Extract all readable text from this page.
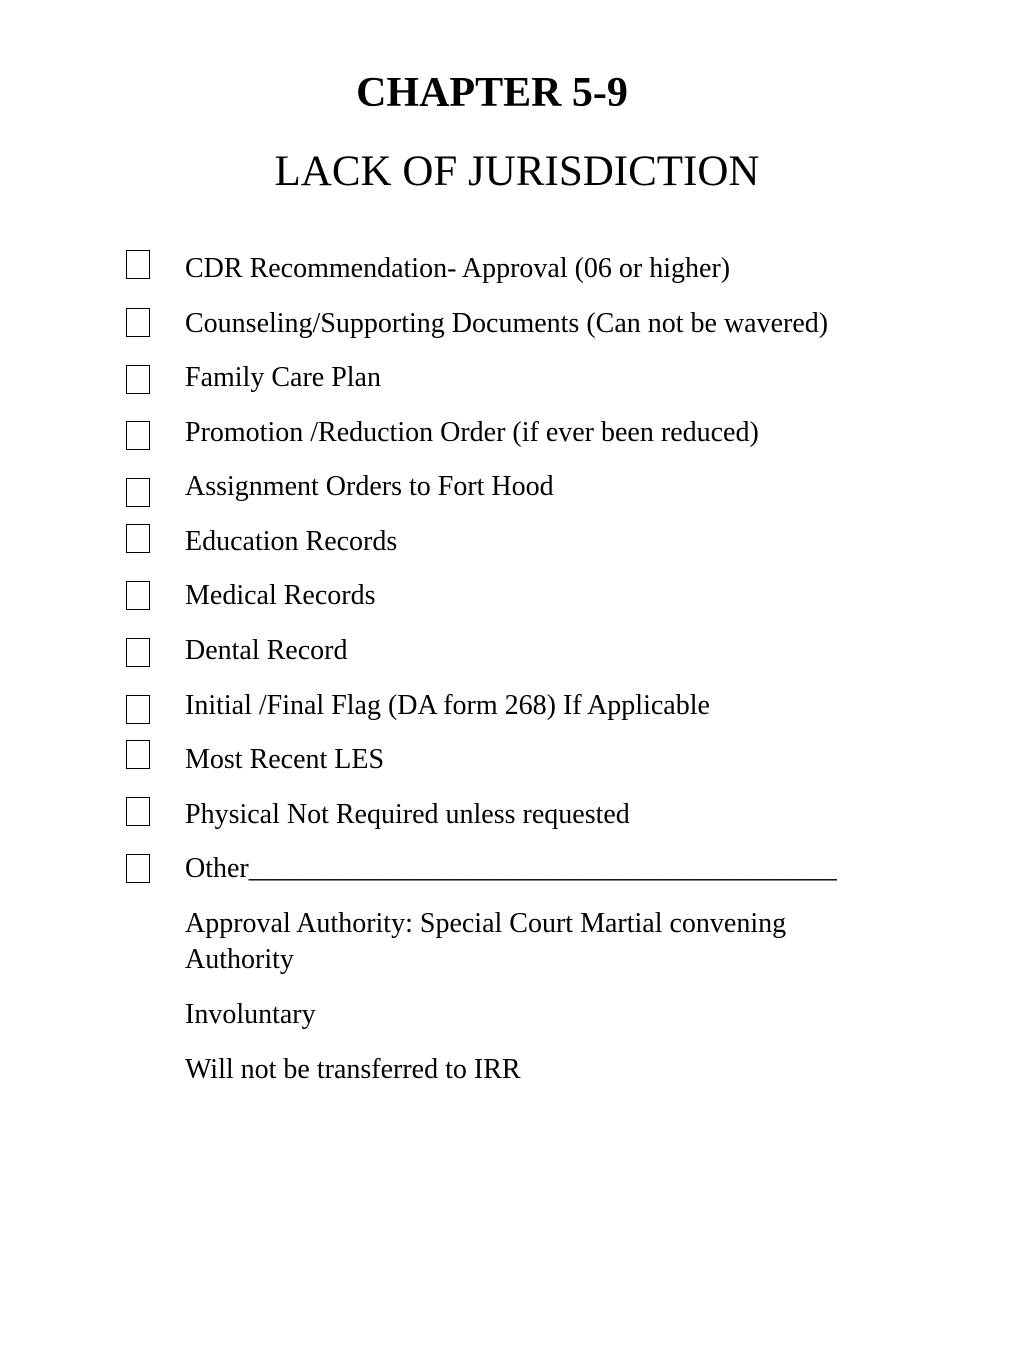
CHAPTER 5-9
LACK OF JURISDICTION
CDR Recommendation- Approval (06 or higher)
Counseling/Supporting Documents (Can not be wavered)
Family Care Plan
Promotion /Reduction Order (if ever been reduced)
Assignment Orders to Fort Hood
Education Records
Medical Records
Dental Record
Initial /Final Flag (DA form 268) If Applicable
Most Recent LES
Physical Not Required unless requested
Other__________________________________________
Approval Authority: Special Court Martial convening
Authority
Involuntary
Will not be transferred to IRR
